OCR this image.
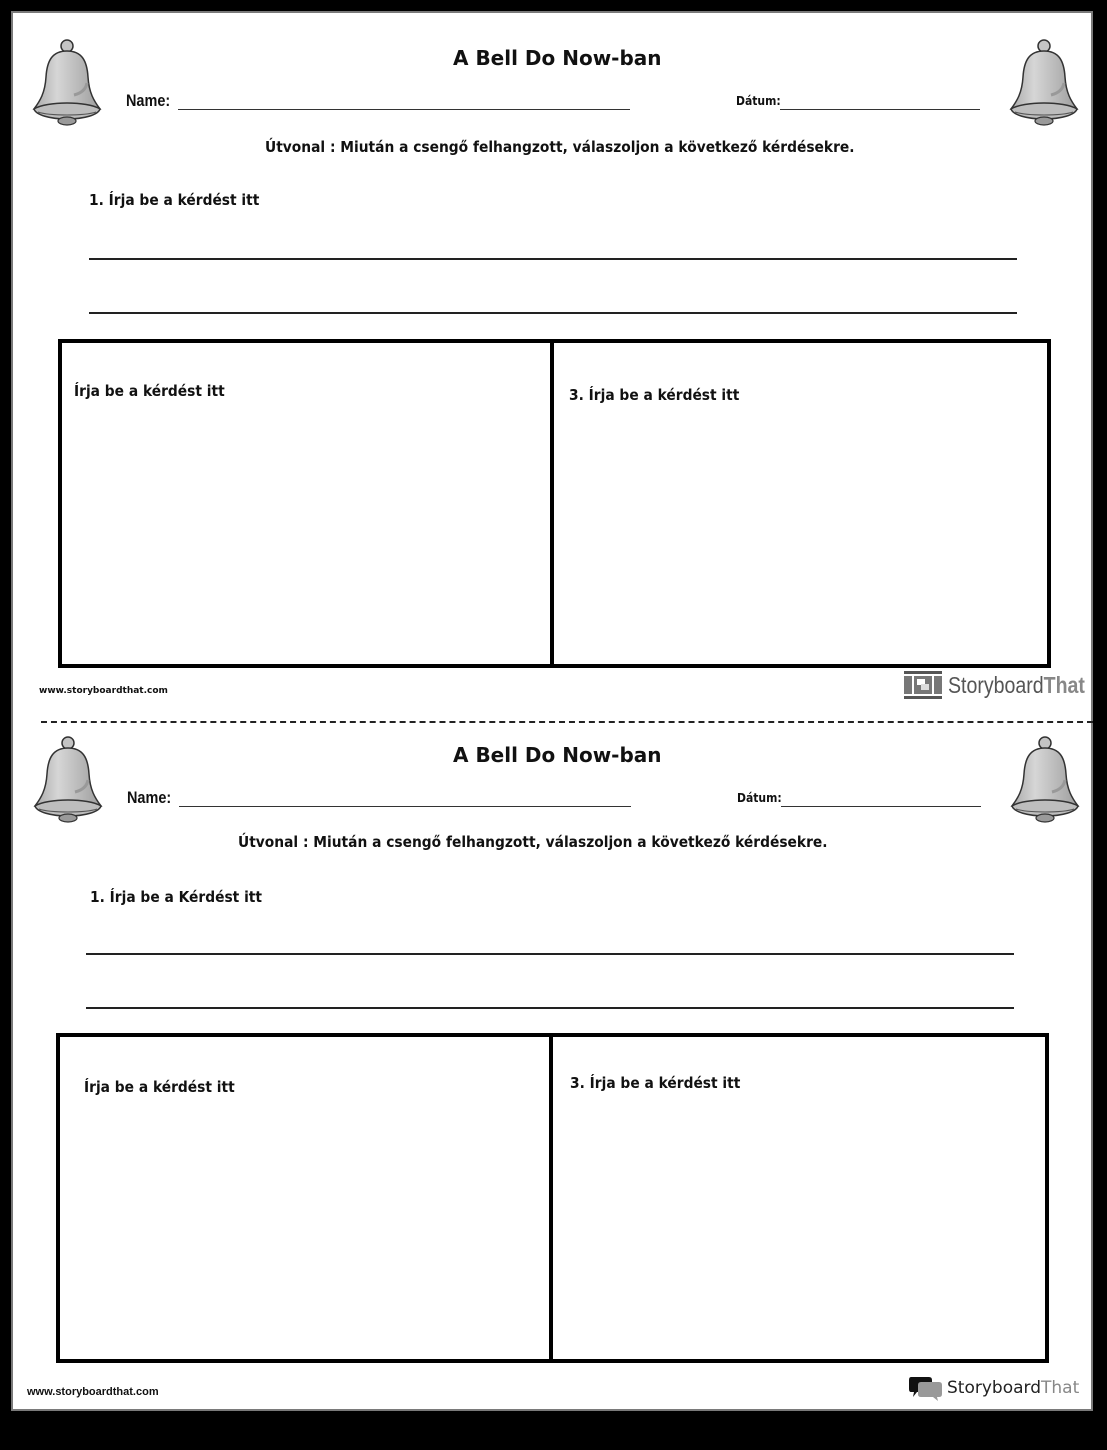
A Bell Do Now-ban
Name:	Dátum:
Útvonal : Miután a csengő felhangzott, válaszoljon a következő kérdésekre.
1. Írja be a kérdést itt
Írja be a kérdést itt	3. Írja be a kérdést itt
www.storyboardthat.com	StoryboardThat
A Bell Do Now-ban
Name:	Dátum:
Útvonal : Miután a csengő felhangzott, válaszoljon a következő kérdésekre.
1. Írja be a Kérdést itt
Írja be a kérdést itt	3. Írja be a kérdést itt
www.storyboardthat.com	StoryboardThat
